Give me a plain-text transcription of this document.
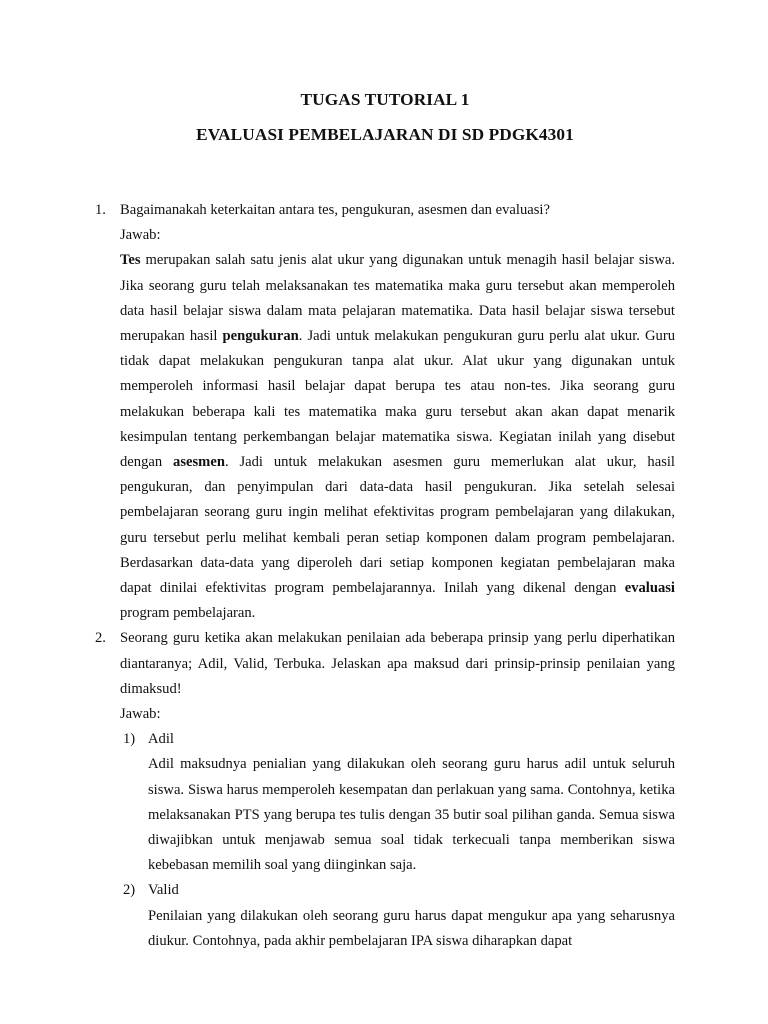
TUGAS TUTORIAL 1
EVALUASI PEMBELAJARAN DI SD PDGK4301
1. Bagaimanakah keterkaitan antara tes, pengukuran, asesmen dan evaluasi?

Jawab:

Tes merupakan salah satu jenis alat ukur yang digunakan untuk menagih hasil belajar siswa. Jika seorang guru telah melaksanakan tes matematika maka guru tersebut akan memperoleh data hasil belajar siswa dalam mata pelajaran matematika. Data hasil belajar siswa tersebut merupakan hasil pengukuran. Jadi untuk melakukan pengukuran guru perlu alat ukur. Guru tidak dapat melakukan pengukuran tanpa alat ukur. Alat ukur yang digunakan untuk memperoleh informasi hasil belajar dapat berupa tes atau non-tes. Jika seorang guru melakukan beberapa kali tes matematika maka guru tersebut akan akan dapat menarik kesimpulan tentang perkembangan belajar matematika siswa. Kegiatan inilah yang disebut dengan asesmen. Jadi untuk melakukan asesmen guru memerlukan alat ukur, hasil pengukuran, dan penyimpulan dari data-data hasil pengukuran. Jika setelah selesai pembelajaran seorang guru ingin melihat efektivitas program pembelajaran yang dilakukan, guru tersebut perlu melihat kembali peran setiap komponen dalam program pembelajaran. Berdasarkan data-data yang diperoleh dari setiap komponen kegiatan pembelajaran maka dapat dinilai efektivitas program pembelajarannya. Inilah yang dikenal dengan evaluasi program pembelajaran.

2. Seorang guru ketika akan melakukan penilaian ada beberapa prinsip yang perlu diperhatikan diantaranya; Adil, Valid, Terbuka. Jelaskan apa maksud dari prinsip-prinsip penilaian yang dimaksud!

Jawab:

1) Adil

Adil maksudnya penialian yang dilakukan oleh seorang guru harus adil untuk seluruh siswa. Siswa harus memperoleh kesempatan dan perlakuan yang sama. Contohnya, ketika melaksanakan PTS yang berupa tes tulis dengan 35 butir soal pilihan ganda. Semua siswa diwajibkan untuk menjawab semua soal tidak terkecuali tanpa memberikan siswa kebebasan memilih soal yang diinginkan saja.

2) Valid

Penilaian yang dilakukan oleh seorang guru harus dapat mengukur apa yang seharusnya diukur. Contohnya, pada akhir pembelajaran IPA siswa diharapkan dapat
